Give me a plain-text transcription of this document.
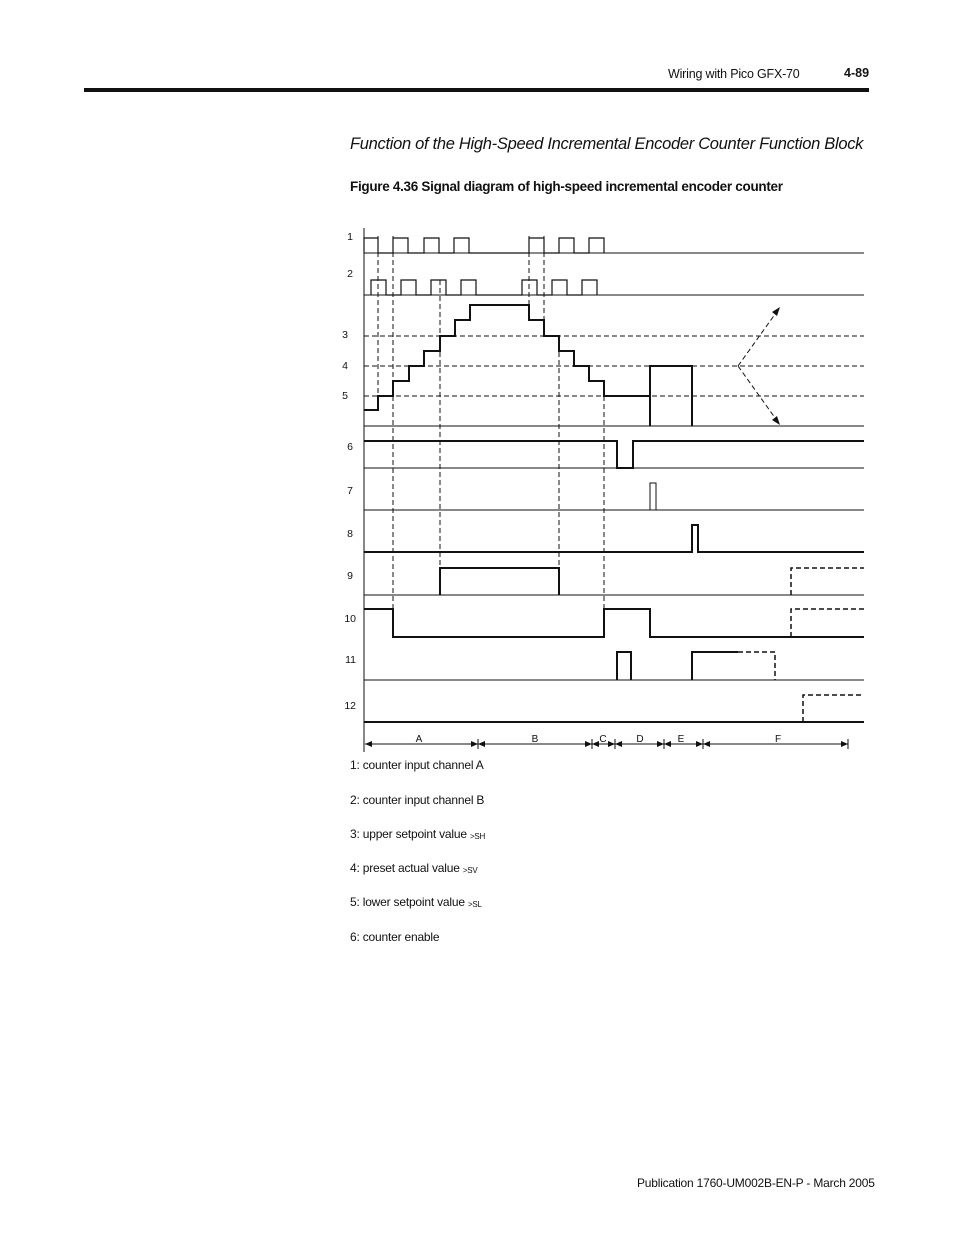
Wiring with Pico GFX-70	4-89
Function of the High-Speed Incremental Encoder Counter Function Block
Figure 4.36 Signal diagram of high-speed incremental encoder counter
1
2
3
4
5
6
7
8
9
10
11
12
A	B	C	D	E	F
1: counter input channel A
2: counter input channel B
3: upper setpoint value $_{>SH}$
4: preset actual value $_{>SV}$
5: lower setpoint value $_{>SL}$
6: counter enable
Publication 1760-UM002B-EN-P - March 2005
